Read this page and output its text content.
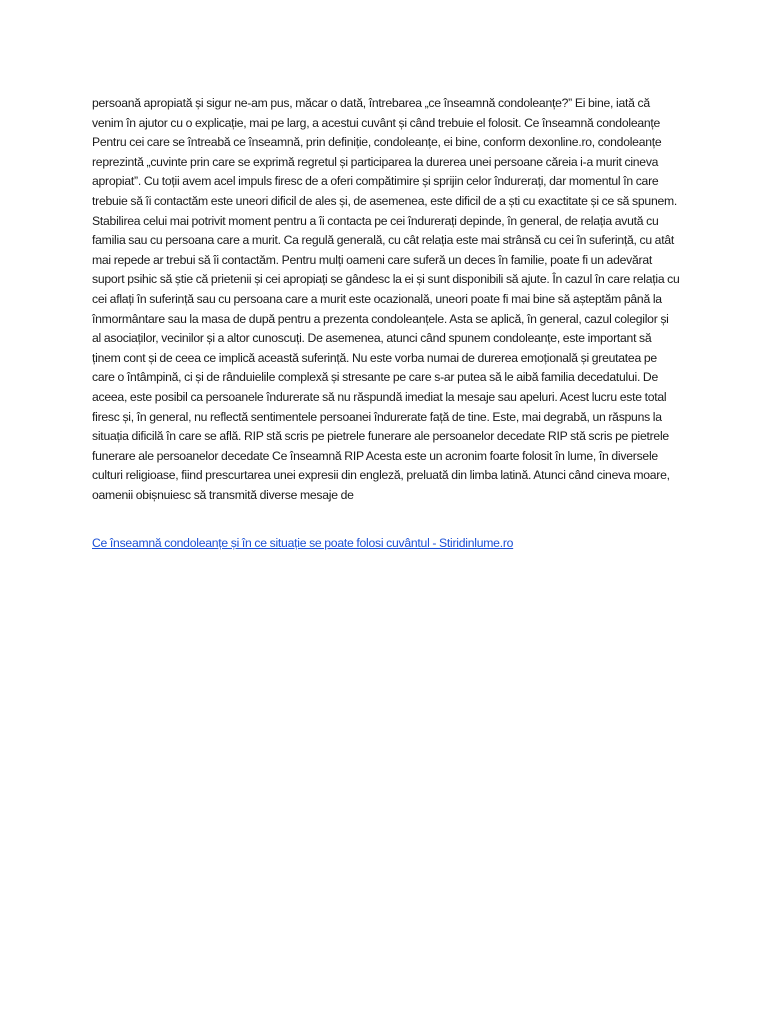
persoană apropiată și sigur ne-am pus, măcar o dată, întrebarea „ce înseamnă condoleanțe?” Ei bine, iată că venim în ajutor cu o explicație, mai pe larg, a acestui cuvânt și când trebuie el folosit. Ce înseamnă condoleanțe Pentru cei care se întreabă ce înseamnă, prin definiție, condoleanțe, ei bine, conform dexonline.ro, condoleanțe reprezintă „cuvinte prin care se exprimă regretul și participarea la durerea unei persoane căreia i-a murit cineva apropiat”. Cu toții avem acel impuls firesc de a oferi compătimire și sprijin celor îndurerați, dar momentul în care trebuie să îi contactăm este uneori dificil de ales și, de asemenea, este dificil de a ști cu exactitate și ce să spunem. Stabilirea celui mai potrivit moment pentru a îi contacta pe cei îndurerați depinde, în general, de relația avută cu familia sau cu persoana care a murit. Ca regulă generală, cu cât relația este mai strânsă cu cei în suferință, cu atât mai repede ar trebui să îi contactăm. Pentru mulți oameni care suferă un deces în familie, poate fi un adevărat suport psihic să știe că prietenii și cei apropiați se gândesc la ei și sunt disponibili să ajute. În cazul în care relația cu cei aflați în suferință sau cu persoana care a murit este ocazională, uneori poate fi mai bine să așteptăm până la înmormântare sau la masa de după pentru a prezenta condoleanțele. Asta se aplică, în general, cazul colegilor și al asociaților, vecinilor și a altor cunoscuți. De asemenea, atunci când spunem condoleanțe, este important să ținem cont și de ceea ce implică această suferință. Nu este vorba numai de durerea emoțională și greutatea pe care o întâmpină, ci și de rânduielile complexă și stresante pe care s-ar putea să le aibă familia decedatului. De aceea, este posibil ca persoanele îndurerate să nu răspundă imediat la mesaje sau apeluri. Acest lucru este total firesc și, în general, nu reflectă sentimentele persoanei îndurerate față de tine. Este, mai degrabă, un răspuns la situația dificilă în care se află. RIP stă scris pe pietrele funerare ale persoanelor decedate RIP stă scris pe pietrele funerare ale persoanelor decedate Ce înseamnă RIP Acesta este un acronim foarte folosit în lume, în diversele culturi religioase, fiind prescurtarea unei expresii din engleză, preluată din limba latină. Atunci când cineva moare, oamenii obișnuiesc să transmită diverse mesaje de

Ce înseamnă condoleanțe și în ce situație se poate folosi cuvântul - Stiridinlume.ro
